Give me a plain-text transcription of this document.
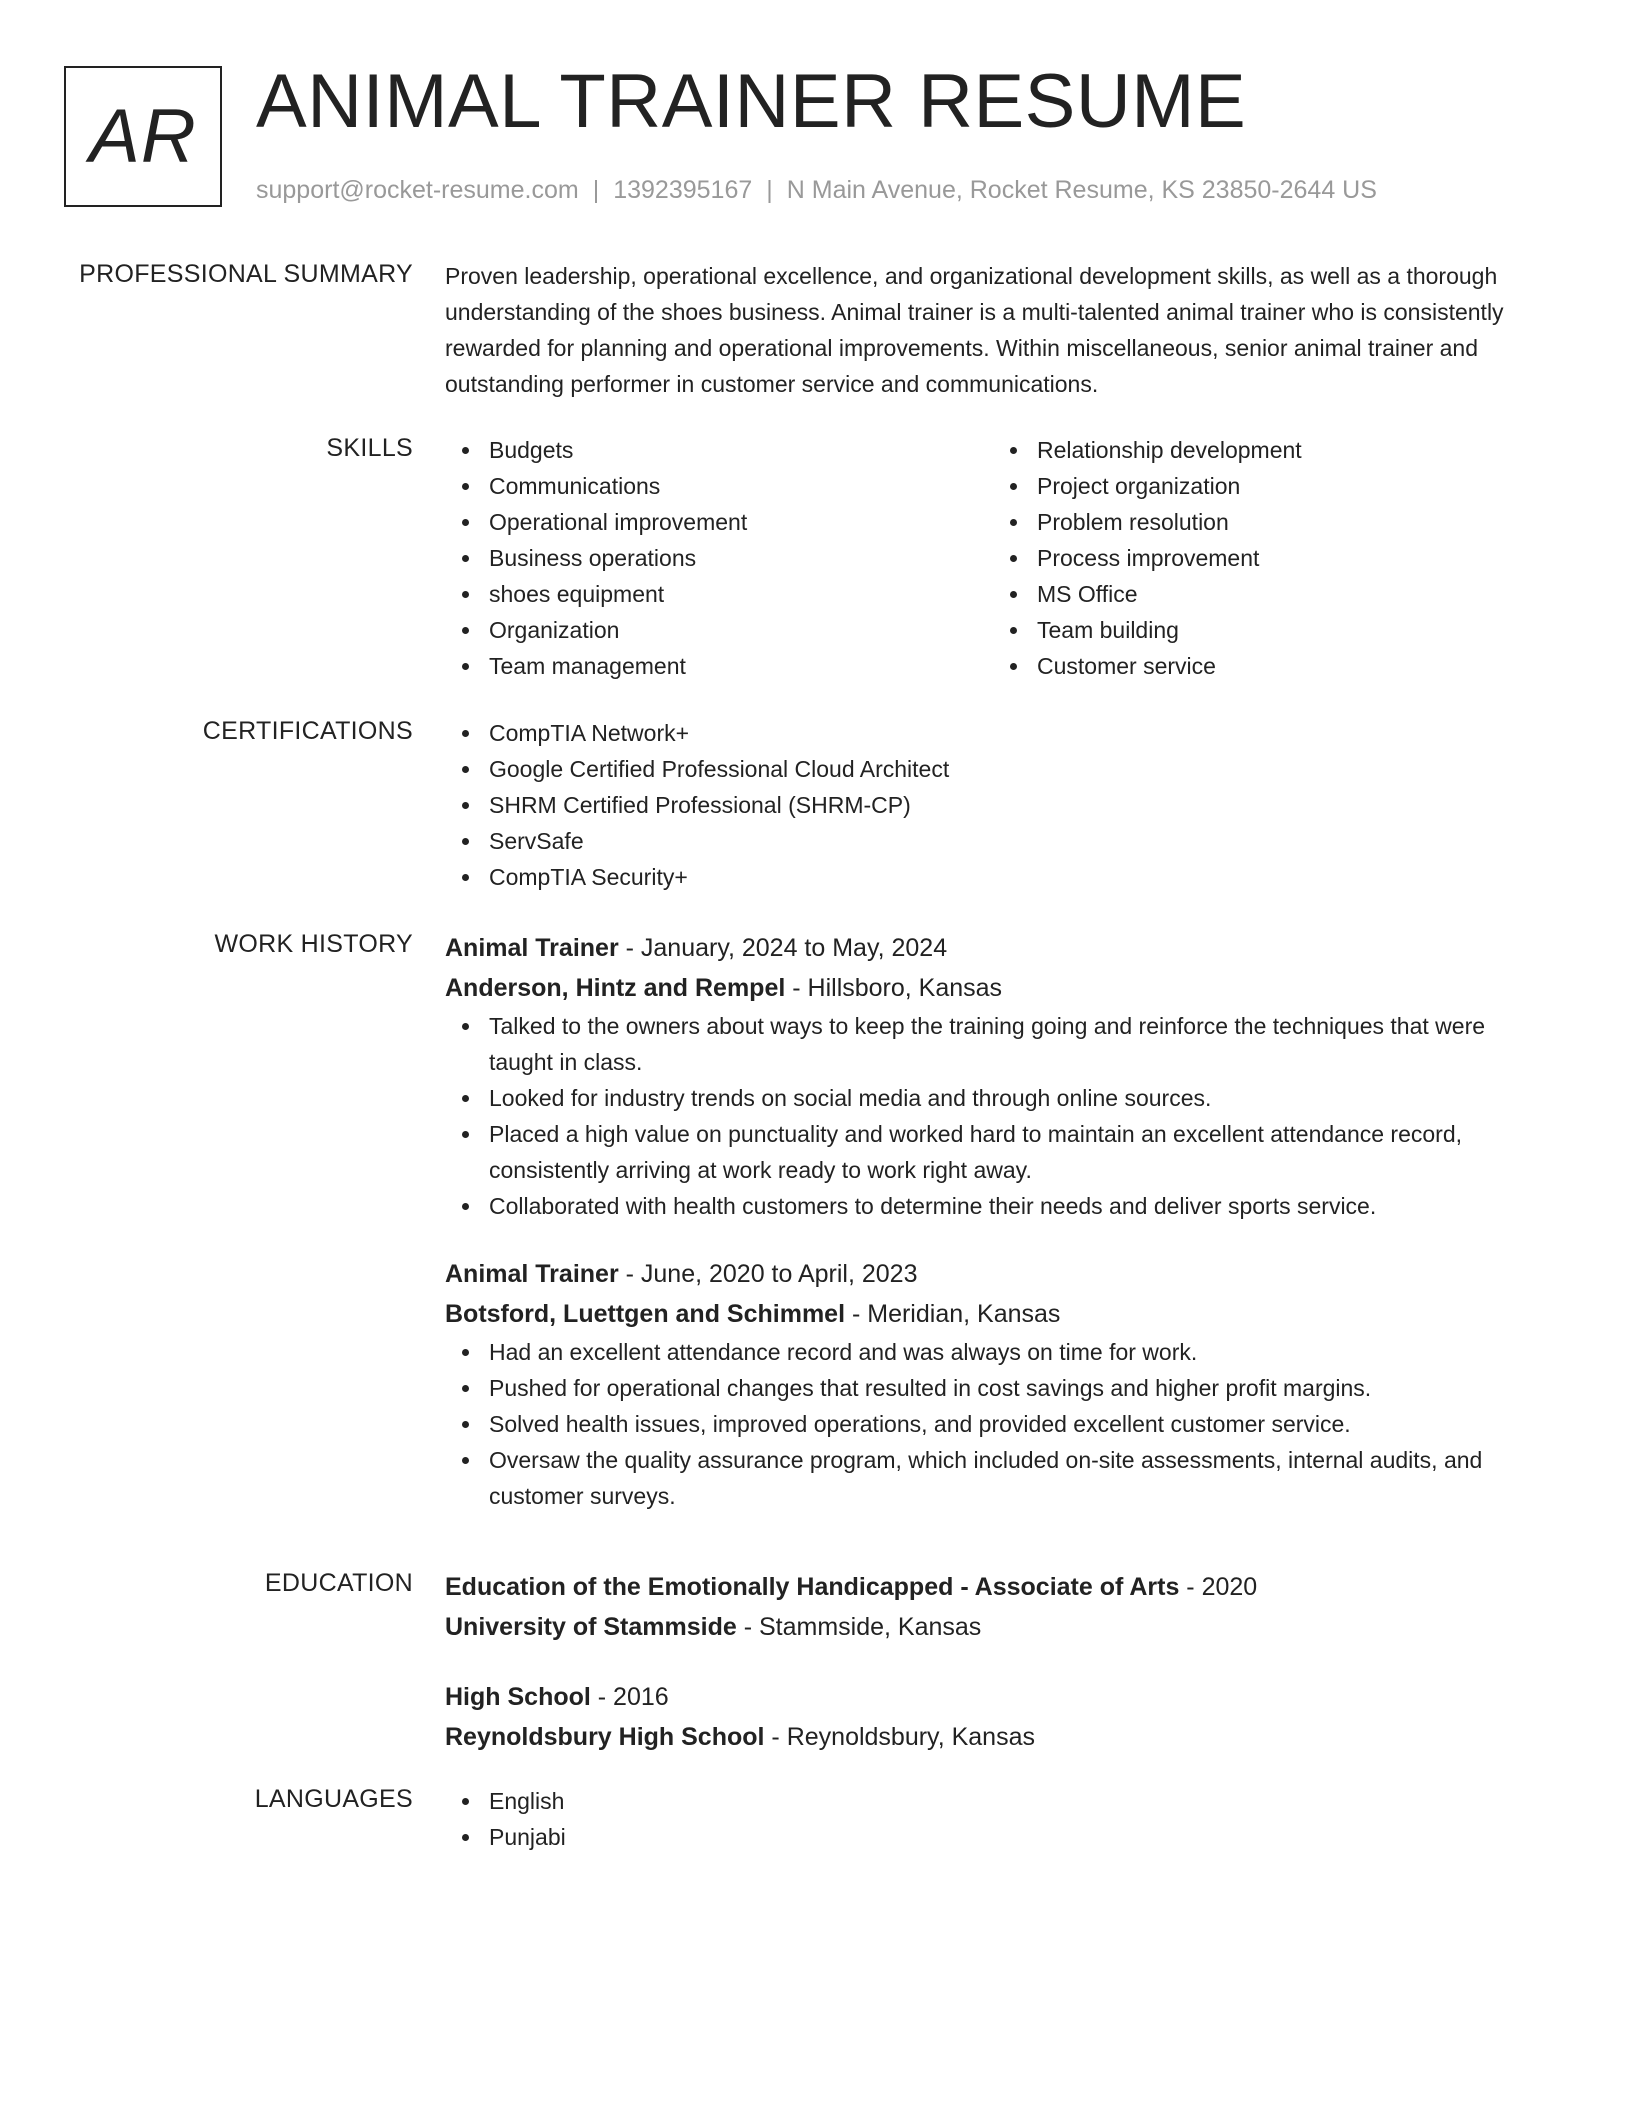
AR ANIMAL TRAINER RESUME
support@rocket-resume.com | 1392395167 | N Main Avenue, Rocket Resume, KS 23850-2644 US
PROFESSIONAL SUMMARY Proven leadership, operational excellence, and organizational development skills, as well as a thorough understanding of the shoes business. Animal trainer is a multi-talented animal trainer who is consistently rewarded for planning and operational improvements. Within miscellaneous, senior animal trainer and outstanding performer in customer service and communications.

SKILLS	Budgets
Communications
Operational improvement
Business operations
shoes equipment
Organization
Team management
Relationship development
Project organization
Problem resolution
Process improvement
MS Office
Team building
Customer service
CERTIFICATIONS	CompTIA Network+
Google Certified Professional Cloud Architect
SHRM Certified Professional (SHRM-CP)
ServSafe
CompTIA Security+
WORK HISTORY Animal Trainer - January, 2024 to May, 2024
Anderson, Hintz and Rempel - Hillsboro, Kansas
Talked to the owners about ways to keep the training going and reinforce the techniques that were taught in class.
Looked for industry trends on social media and through online sources.
Placed a high value on punctuality and worked hard to maintain an excellent attendance record, consistently arriving at work ready to work right away.
Collaborated with health customers to determine their needs and deliver sports service.
Animal Trainer - June, 2020 to April, 2023
Botsford, Luettgen and Schimmel - Meridian, Kansas
Had an excellent attendance record and was always on time for work.
Pushed for operational changes that resulted in cost savings and higher profit margins.
Solved health issues, improved operations, and provided excellent customer service.
Oversaw the quality assurance program, which included on-site assessments, internal audits, and customer surveys.
EDUCATION Education of the Emotionally Handicapped - Associate of Arts - 2020
University of Stammside - Stammside, Kansas
High School - 2016
Reynoldsbury High School - Reynoldsbury, Kansas
LANGUAGES	English
Punjabi
